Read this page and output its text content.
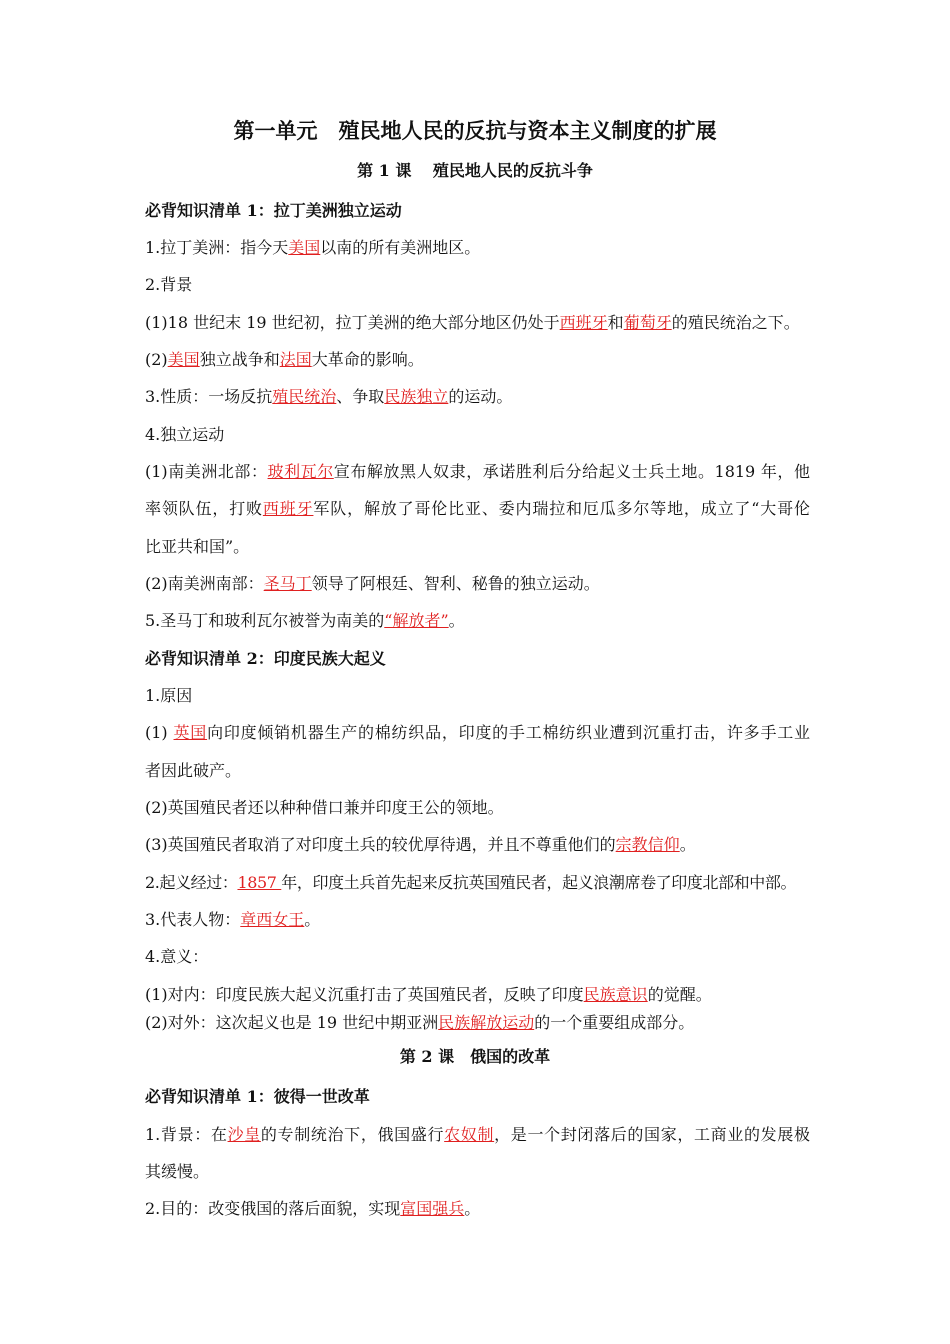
第一单元　殖民地人民的反抗与资本主义制度的扩展
第 1 课　 殖民地人民的反抗斗争
必背知识清单 1：拉丁美洲独立运动
1.拉丁美洲：指今天美国以南的所有美洲地区。
2.背景
(1)18 世纪末 19 世纪初，拉丁美洲的绝大部分地区仍处于西班牙和葡萄牙的殖民统治之下。
(2)美国独立战争和法国大革命的影响。
3.性质：一场反抗殖民统治、争取民族独立的运动。
4.独立运动
(1)南美洲北部：玻利瓦尔宣布解放黑人奴隶，承诺胜利后分给起义士兵土地。1819 年，他
率领队伍，打败西班牙军队，解放了哥伦比亚、委内瑞拉和厄瓜多尔等地，成立了“大哥伦
比亚共和国”。
(2)南美洲南部：圣马丁领导了阿根廷、智利、秘鲁的独立运动。
5.圣马丁和玻利瓦尔被誉为南美的“解放者”。
必背知识清单 2：印度民族大起义
1.原因
(1) 英国向印度倾销机器生产的棉纺织品，印度的手工棉纺织业遭到沉重打击，许多手工业
者因此破产。
(2)英国殖民者还以种种借口兼并印度王公的领地。
(3)英国殖民者取消了对印度土兵的较优厚待遇，并且不尊重他们的宗教信仰。
2.起义经过：1857 年，印度土兵首先起来反抗英国殖民者，起义浪潮席卷了印度北部和中部。
3.代表人物：章西女王。
4.意义：
(1)对内：印度民族大起义沉重打击了英国殖民者，反映了印度民族意识的觉醒。
(2)对外：这次起义也是 19 世纪中期亚洲民族解放运动的一个重要组成部分。
第 2 课　俄国的改革
必背知识清单 1：彼得一世改革
1.背景：在沙皇的专制统治下，俄国盛行农奴制，是一个封闭落后的国家，工商业的发展极
其缓慢。
2.目的：改变俄国的落后面貌，实现富国强兵。
